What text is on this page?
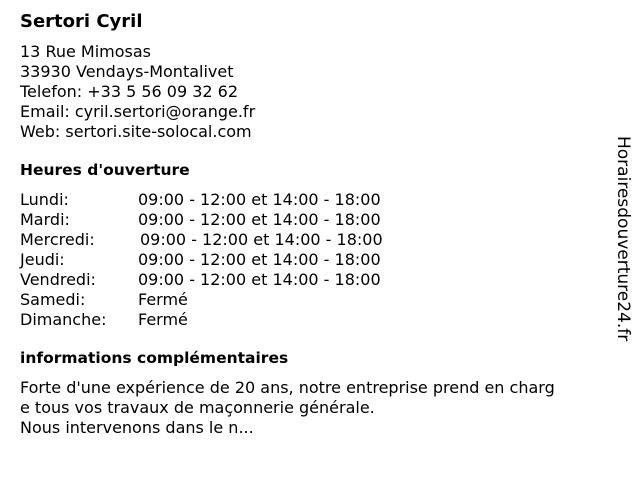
Sertori Cyril
13 Rue Mimosas
33930 Vendays-Montalivet
Telefon: +33 5 56 09 32 62
Email: cyril.sertori@orange.fr
Web: sertori.site-solocal.com
Heures d'ouverture
Lundi:	09:00 - 12:00 et 14:00 - 18:00
Mardi:	09:00 - 12:00 et 14:00 - 18:00
Mercredi:	09:00 - 12:00 et 14:00 - 18:00
Jeudi:	09:00 - 12:00 et 14:00 - 18:00
Vendredi:	09:00 - 12:00 et 14:00 - 18:00
Samedi:	Fermé
Dimanche: Fermé
informations complémentaires
Forte d'une expérience de 20 ans, notre entreprise prend en charg
e tous vos travaux de maçonnerie générale.
Nous intervenons dans le n...
Horairesdouverture24.fr
